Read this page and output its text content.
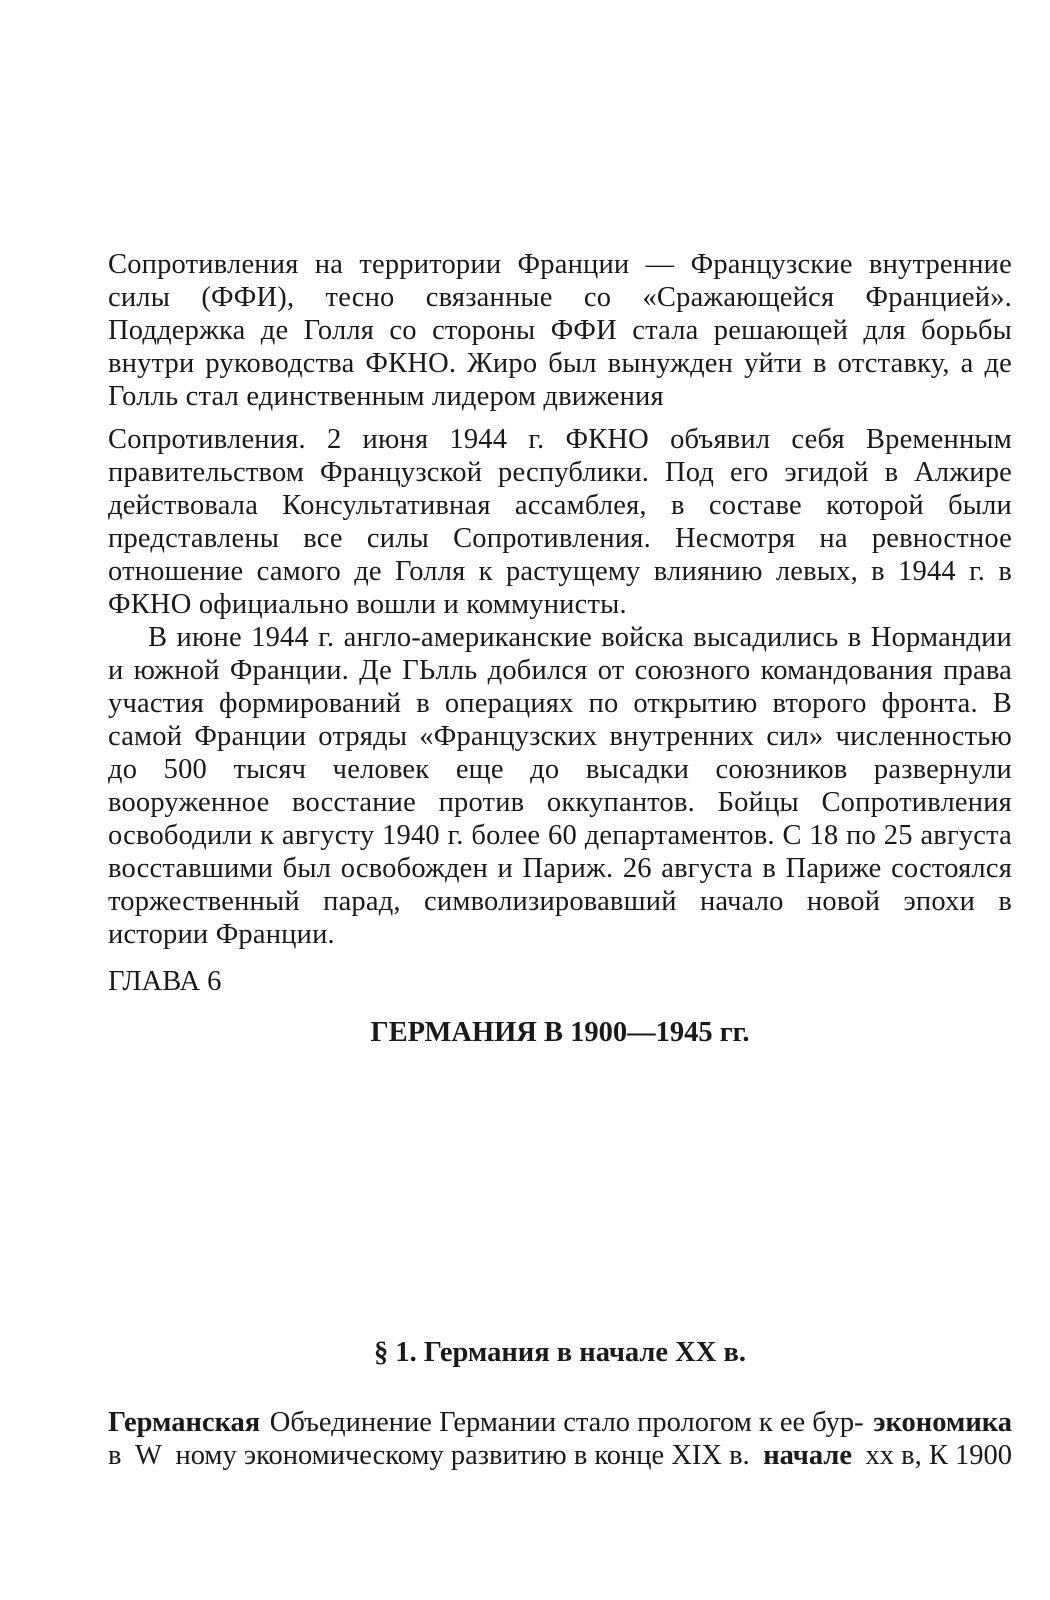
Сопротивления на территории Франции — Французские внутренние силы (ФФИ), тесно связанные со «Сражающейся Францией». Поддержка де Голля со стороны ФФИ стала решающей для борьбы внутри руководства ФКНО. Жиро был вынужден уйти в отставку, а де Голль стал единственным лидером движения

Сопротивления. 2 июня 1944 г. ФКНО объявил себя Временным правительством Французской республики. Под его эгидой в Алжире действовала Консультативная ассамблея, в составе которой были представлены все силы Сопротивления. Несмотря на ревностное отношение самого де Голля к растущему влиянию левых, в 1944 г. в ФКНО официально вошли и коммунисты.

В июне 1944 г. англо-американские войска высадились в Нормандии и южной Франции. Де ГЬлль добился от союзного командования права участия формирований в операциях по открытию второго фронта. В самой Франции отряды «Французских внутренних сил» численностью до 500 тысяч человек еще до высадки союзников развернули вооруженное восстание против оккупантов. Бойцы Сопротивления освободили к августу 1940 г. более 60 департаментов. С 18 по 25 августа восставшими был освобожден и Париж. 26 августа в Париже состоялся торжественный парад, символизировавший начало новой эпохи в истории Франции.

ГЛАВА 6
ГЕРМАНИЯ В 1900—1945 гг.
§ 1. Германия в начале XX в.
Германская Объединение Германии стало прологом к ее бур- экономика
в W ному экономическому развитию в конце XIX в. начале хх в, К 1900
